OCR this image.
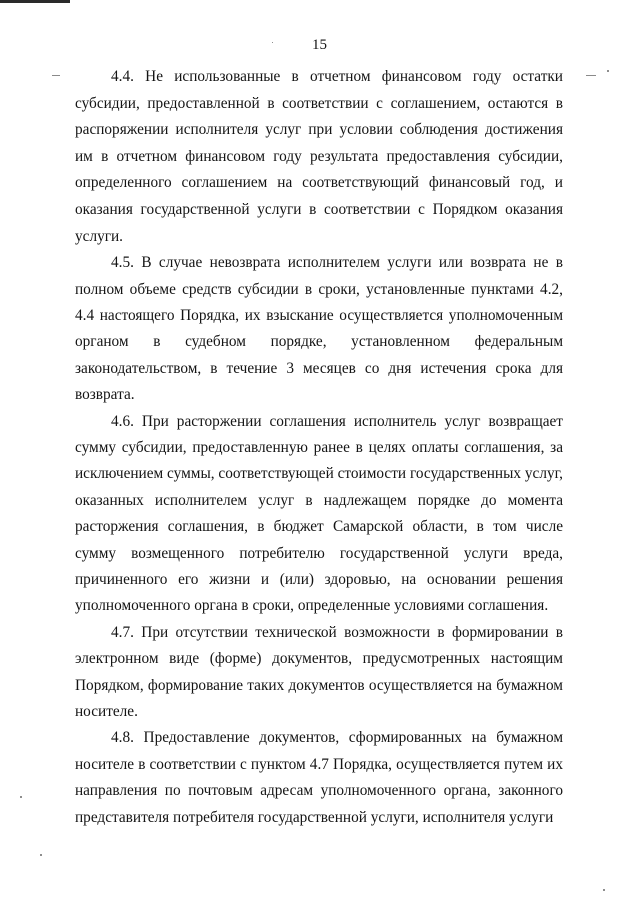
15

4.4. Не использованные в отчетном финансовом году остатки субсидии, предоставленной в соответствии с соглашением, остаются в распоряжении исполнителя услуг при условии соблюдения достижения им в отчетном финансовом году результата предоставления субсидии, определенного соглашением на соответствующий финансовый год, и оказания государственной услуги в соответствии с Порядком оказания услуги.

4.5. В случае невозврата исполнителем услуги или возврата не в полном объеме средств субсидии в сроки, установленные пунктами 4.2, 4.4 настоящего Порядка, их взыскание осуществляется уполномоченным органом в судебном порядке, установленном федеральным законодательством, в течение 3 месяцев со дня истечения срока для возврата.

4.6. При расторжении соглашения исполнитель услуг возвращает сумму субсидии, предоставленную ранее в целях оплаты соглашения, за исключением суммы, соответствующей стоимости государственных услуг, оказанных исполнителем услуг в надлежащем порядке до момента расторжения соглашения, в бюджет Самарской области, в том числе сумму возмещенного потребителю государственной услуги вреда, причиненного его жизни и (или) здоровью, на основании решения уполномоченного органа в сроки, определенные условиями соглашения.

4.7. При отсутствии технической возможности в формировании в электронном виде (форме) документов, предусмотренных настоящим Порядком, формирование таких документов осуществляется на бумажном носителе.

4.8. Предоставление документов, сформированных на бумажном носителе в соответствии с пунктом 4.7 Порядка, осуществляется путем их направления по почтовым адресам уполномоченного органа, законного представителя потребителя государственной услуги, исполнителя услуги
